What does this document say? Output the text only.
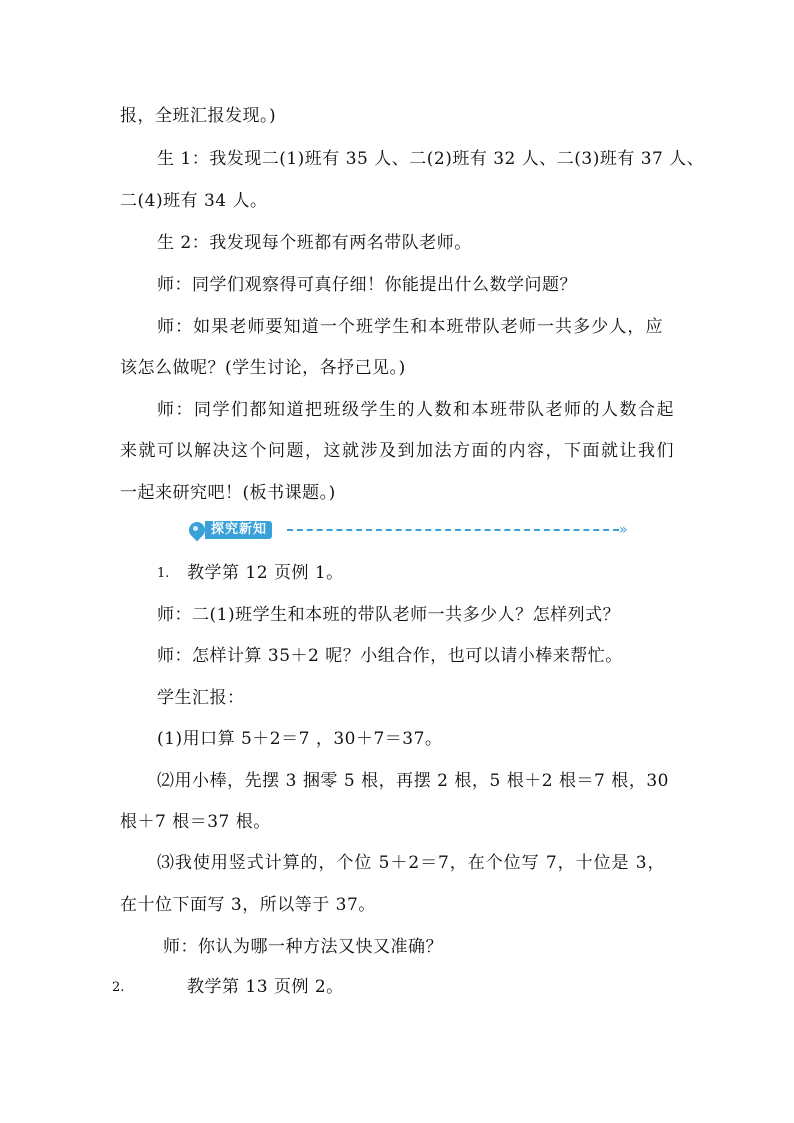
报，全班汇报发现。)
生 1：我发现二(1)班有 35 人、二(2)班有 32 人、二(3)班有 37 人、
二(4)班有 34 人。
生 2：我发现每个班都有两名带队老师。
师：同学们观察得可真仔细！你能提出什么数学问题？
师：如果老师要知道一个班学生和本班带队老师一共多少人，应
该怎么做呢？(学生讨论，各抒己见。)
师：同学们都知道把班级学生的人数和本班带队老师的人数合起
来就可以解决这个问题，这就涉及到加法方面的内容，下面就让我们
一起来研究吧！(板书课题。)
探究新知	»
1. 教学第 12 页例 1。
师：二(1)班学生和本班的带队老师一共多少人？怎样列式？
师：怎样计算 35＋2 呢？小组合作，也可以请小棒来帮忙。
学生汇报：
(1)用口算 5＋2＝7 ，30＋7＝37。
⑵用小棒，先摆 3 捆零 5 根，再摆 2 根，5 根＋2 根＝7 根，30
根＋7 根＝37 根。
⑶我使用竖式计算的，个位 5＋2＝7，在个位写 7，十位是 3，
在十位下面写 3，所以等于 37。
师：你认为哪一种方法又快又准确？
2.	教学第 13 页例 2。
